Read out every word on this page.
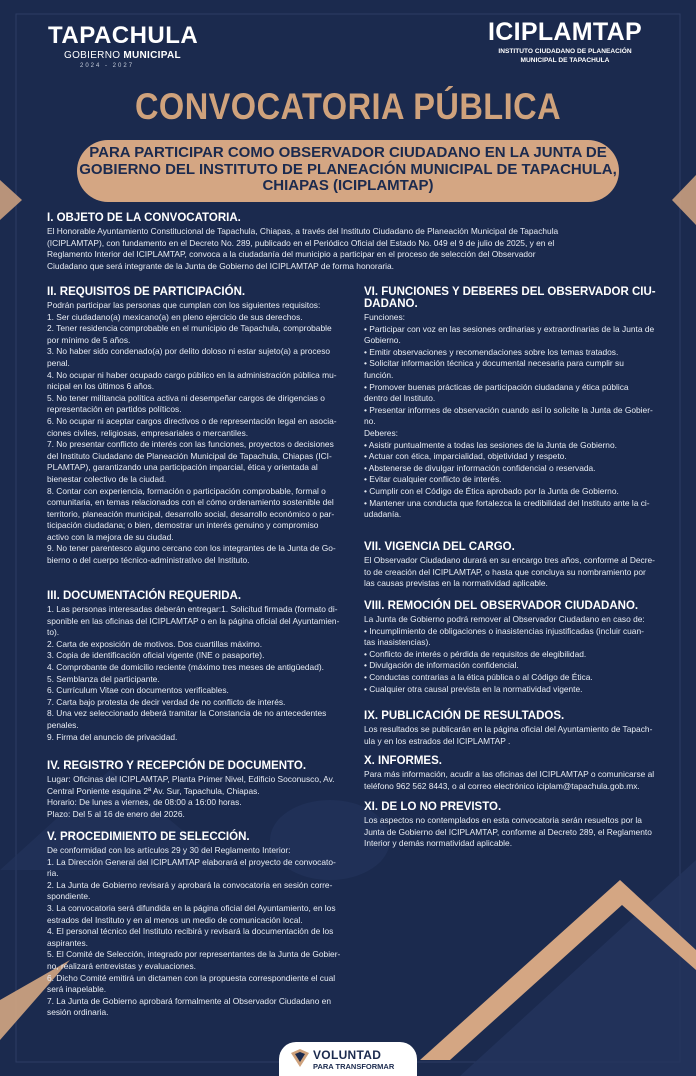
TAPACHULA
GOBIERNO MUNICIPAL
2024 - 2027
ICIPLAMTAP
INSTITUTO CIUDADANO DE PLANEACIÓN
MUNICIPAL DE TAPACHULA
CONVOCATORIA PÚBLICA
PARA PARTICIPAR COMO OBSERVADOR CIUDADANO EN LA JUNTA DE
GOBIERNO DEL INSTITUTO DE PLANEACIÓN MUNICIPAL DE TAPACHULA,
CHIAPAS (ICIPLAMTAP)
I. OBJETO DE LA CONVOCATORIA.
El Honorable Ayuntamiento Constitucional de Tapachula, Chiapas, a través del Instituto Ciudadano de Planeación Municipal de Tapachula
(ICIPLAMTAP), con fundamento en el Decreto No. 289, publicado en el Periódico Oficial del Estado No. 049 el 9 de julio de 2025, y en el
Reglamento Interior del ICIPLAMTAP, convoca a la ciudadanía del municipio a participar en el proceso de selección del Observador
Ciudadano que será integrante de la Junta de Gobierno del ICIPLAMTAP de forma honoraria.
II. REQUISITOS DE PARTICIPACIÓN.
Podrán participar las personas que cumplan con los siguientes requisitos:
1. Ser ciudadano(a) mexicano(a) en pleno ejercicio de sus derechos.
2. Tener residencia comprobable en el municipio de Tapachula, comprobable
por mínimo de 5 años.
3. No haber sido condenado(a) por delito doloso ni estar sujeto(a) a proceso
penal.
4. No ocupar ni haber ocupado cargo público en la administración pública mu-
nicipal en los últimos 6 años.
5. No tener militancia política activa ni desempeñar cargos de dirigencias o
representación en partidos políticos.
6. No ocupar ni aceptar cargos directivos o de representación legal en asocia-
ciones civiles, religiosas, empresariales o mercantiles.
7. No presentar conflicto de interés con las funciones, proyectos o decisiones
del Instituto Ciudadano de Planeación Municipal de Tapachula, Chiapas (ICI-
PLAMTAP), garantizando una participación imparcial, ética y orientada al
bienestar colectivo de la ciudad.
8. Contar con experiencia, formación o participación comprobable, formal o
comunitaria, en temas relacionados con el cómo ordenamiento sostenible del
territorio, planeación municipal, desarrollo social, desarrollo económico o par-
ticipación ciudadana; o bien, demostrar un interés genuino y compromiso
activo con la mejora de su ciudad.
9. No tener parentesco alguno cercano con los integrantes de la Junta de Go-
bierno o del cuerpo técnico-administrativo del Instituto.
III. DOCUMENTACIÓN REQUERIDA.
1. Las personas interesadas deberán entregar:1. Solicitud firmada (formato di-
sponible en las oficinas del ICIPLAMTAP o en la página oficial del Ayuntamien-
to).
2. Carta de exposición de motivos. Dos cuartillas máximo.
3. Copia de identificación oficial vigente (INE o pasaporte).
4. Comprobante de domicilio reciente (máximo tres meses de antigüedad).
5. Semblanza del participante.
6. Currículum Vitae con documentos verificables.
7. Carta bajo protesta de decir verdad de no conflicto de interés.
8. Una vez seleccionado deberá tramitar la Constancia de no antecedentes
penales.
9. Firma del anuncio de privacidad.
IV. REGISTRO Y RECEPCIÓN DE DOCUMENTO.
Lugar: Oficinas del ICIPLAMTAP, Planta Primer Nivel, Edificio Soconusco, Av.
Central Poniente esquina 2ª Av. Sur, Tapachula, Chiapas.
Horario: De lunes a viernes, de 08:00 a 16:00 horas.
Plazo: Del 5 al 16 de enero del 2026.
V. PROCEDIMIENTO DE SELECCIÓN.
De conformidad con los artículos 29 y 30 del Reglamento Interior:
1. La Dirección General del ICIPLAMTAP elaborará el proyecto de convocato-
ria.
2. La Junta de Gobierno revisará y aprobará la convocatoria en sesión corre-
spondiente.
3. La convocatoria será difundida en la página oficial del Ayuntamiento, en los
estrados del Instituto y en al menos un medio de comunicación local.
4. El personal técnico del Instituto recibirá y revisará la documentación de los
aspirantes.
5. El Comité de Selección, integrado por representantes de la Junta de Gobier-
no, realizará entrevistas y evaluaciones.
6. Dicho Comité emitirá un dictamen con la propuesta correspondiente el cual
será inapelable.
7. La Junta de Gobierno aprobará formalmente al Observador Ciudadano en
sesión ordinaria.
VI. FUNCIONES Y DEBERES DEL OBSERVADOR CIU-
DADANO.
Funciones:
• Participar con voz en las sesiones ordinarias y extraordinarias de la Junta de
Gobierno.
• Emitir observaciones y recomendaciones sobre los temas tratados.
• Solicitar información técnica y documental necesaria para cumplir su
función.
• Promover buenas prácticas de participación ciudadana y ética pública
dentro del Instituto.
• Presentar informes de observación cuando así lo solicite la Junta de Gobier-
no.
Deberes:
• Asistir puntualmente a todas las sesiones de la Junta de Gobierno.
• Actuar con ética, imparcialidad, objetividad y respeto.
• Abstenerse de divulgar información confidencial o reservada.
• Evitar cualquier conflicto de interés.
• Cumplir con el Código de Ética aprobado por la Junta de Gobierno.
• Mantener una conducta que fortalezca la credibilidad del Instituto ante la ci-
udadanía.
VII. VIGENCIA DEL CARGO.
El Observador Ciudadano durará en su encargo tres años, conforme al Decre-
to de creación del ICIPLAMTAP, o hasta que concluya su nombramiento por
las causas previstas en la normatividad aplicable.
VIII. REMOCIÓN DEL OBSERVADOR CIUDADANO.
La Junta de Gobierno podrá remover al Observador Ciudadano en caso de:
• Incumplimiento de obligaciones o inasistencias injustificadas (incluir cuan-
tas inasistencias).
• Conflicto de interés o pérdida de requisitos de elegibilidad.
• Divulgación de información confidencial.
• Conductas contrarias a la ética pública o al Código de Ética.
• Cualquier otra causal prevista en la normatividad vigente.
IX. PUBLICACIÓN DE RESULTADOS.
Los resultados se publicarán en la página oficial del Ayuntamiento de Tapach-
ula y en los estrados del ICIPLAMTAP .
X. INFORMES.
Para más información, acudir a las oficinas del ICIPLAMTAP o comunicarse al
teléfono 962 562 8443, o al correo electrónico iciplam@tapachula.gob.mx.
XI. DE LO NO PREVISTO.
Los aspectos no contemplados en esta convocatoria serán resueltos por la
Junta de Gobierno del ICIPLAMTAP, conforme al Decreto 289, el Reglamento
Interior y demás normatividad aplicable.
VOLUNTAD
PARA TRANSFORMAR
